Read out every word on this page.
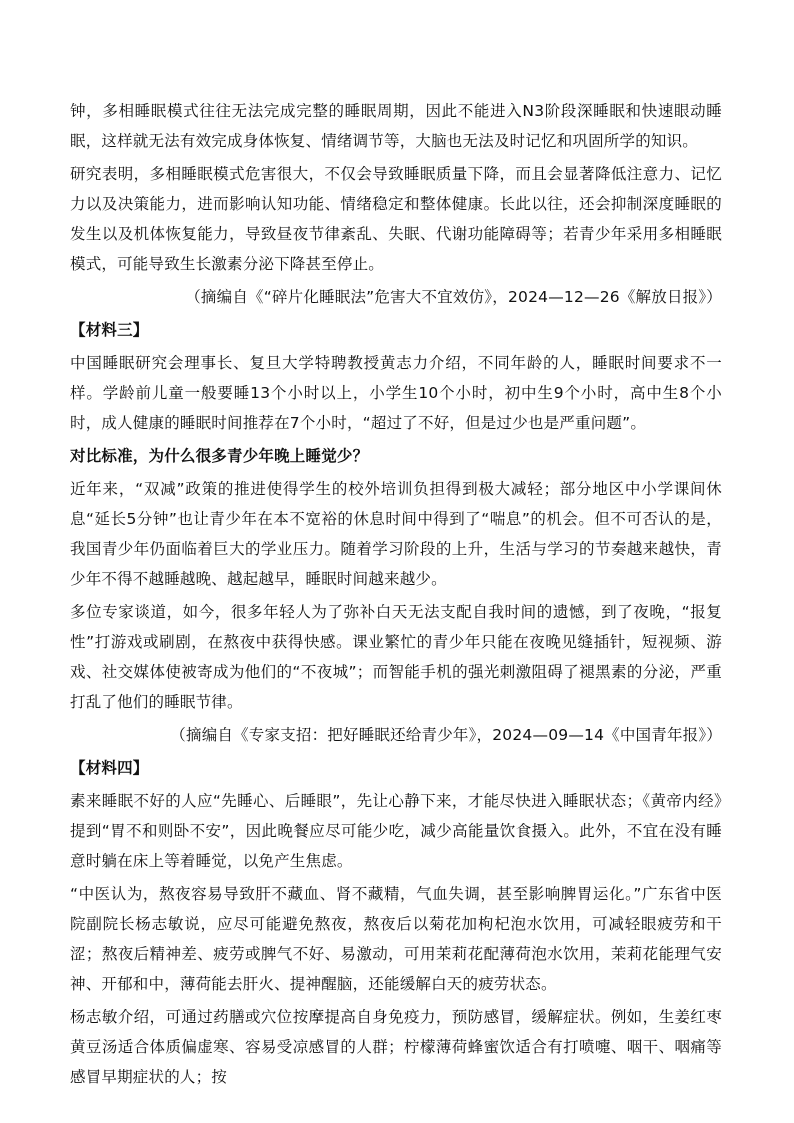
钟，多相睡眠模式往往无法完成完整的睡眠周期，因此不能进入N3阶段深睡眠和快速眼动睡眠，这样就无法有效完成身体恢复、情绪调节等，大脑也无法及时记忆和巩固所学的知识。

研究表明，多相睡眠模式危害很大，不仅会导致睡眠质量下降，而且会显著降低注意力、记忆力以及决策能力，进而影响认知功能、情绪稳定和整体健康。长此以往，还会抑制深度睡眠的发生以及机体恢复能力，导致昼夜节律紊乱、失眠、代谢功能障碍等；若青少年采用多相睡眠模式，可能导致生长激素分泌下降甚至停止。

（摘编自《“碎片化睡眠法”危害大不宜效仿》，2024—12—26《解放日报》）

【材料三】

中国睡眠研究会理事长、复旦大学特聘教授黄志力介绍，不同年龄的人，睡眠时间要求不一样。学龄前儿童一般要睡13个小时以上，小学生10个小时，初中生9个小时，高中生8个小时，成人健康的睡眠时间推荐在7个小时，“超过了不好，但是过少也是严重问题”。

对比标准，为什么很多青少年晚上睡觉少？

近年来，“双减”政策的推进使得学生的校外培训负担得到极大减轻；部分地区中小学课间休息“延长5分钟”也让青少年在本不宽裕的休息时间中得到了“喘息”的机会。但不可否认的是，我国青少年仍面临着巨大的学业压力。随着学习阶段的上升，生活与学习的节奏越来越快，青少年不得不越睡越晚、越起越早，睡眠时间越来越少。

多位专家谈道，如今，很多年轻人为了弥补白天无法支配自我时间的遗憾，到了夜晚，“报复性”打游戏或刷剧，在熬夜中获得快感。课业繁忙的青少年只能在夜晚见缝插针，短视频、游戏、社交媒体使被寄成为他们的“不夜城”；而智能手机的强光刺激阻碍了褪黑素的分泌，严重打乱了他们的睡眠节律。

（摘编自《专家支招：把好睡眠还给青少年》，2024—09—14《中国青年报》）

【材料四】

素来睡眠不好的人应“先睡心、后睡眼”，先让心静下来，才能尽快进入睡眠状态；《黄帝内经》提到“胃不和则卧不安”，因此晚餐应尽可能少吃，减少高能量饮食摄入。此外，不宜在没有睡意时躺在床上等着睡觉，以免产生焦虑。

“中医认为，熬夜容易导致肝不藏血、肾不藏精，气血失调，甚至影响脾胃运化。”广东省中医院副院长杨志敏说，应尽可能避免熬夜，熬夜后以菊花加枸杞泡水饮用，可减轻眼疲劳和干涩；熬夜后精神差、疲劳或脾气不好、易激动，可用茉莉花配薄荷泡水饮用，茉莉花能理气安神、开郁和中，薄荷能去肝火、提神醒脑，还能缓解白天的疲劳状态。

杨志敏介绍，可通过药膳或穴位按摩提高自身免疫力，预防感冒，缓解症状。例如，生姜红枣黄豆汤适合体质偏虚寒、容易受凉感冒的人群；柠檬薄荷蜂蜜饮适合有打喷嚏、咽干、咽痛等感冒早期症状的人；按
